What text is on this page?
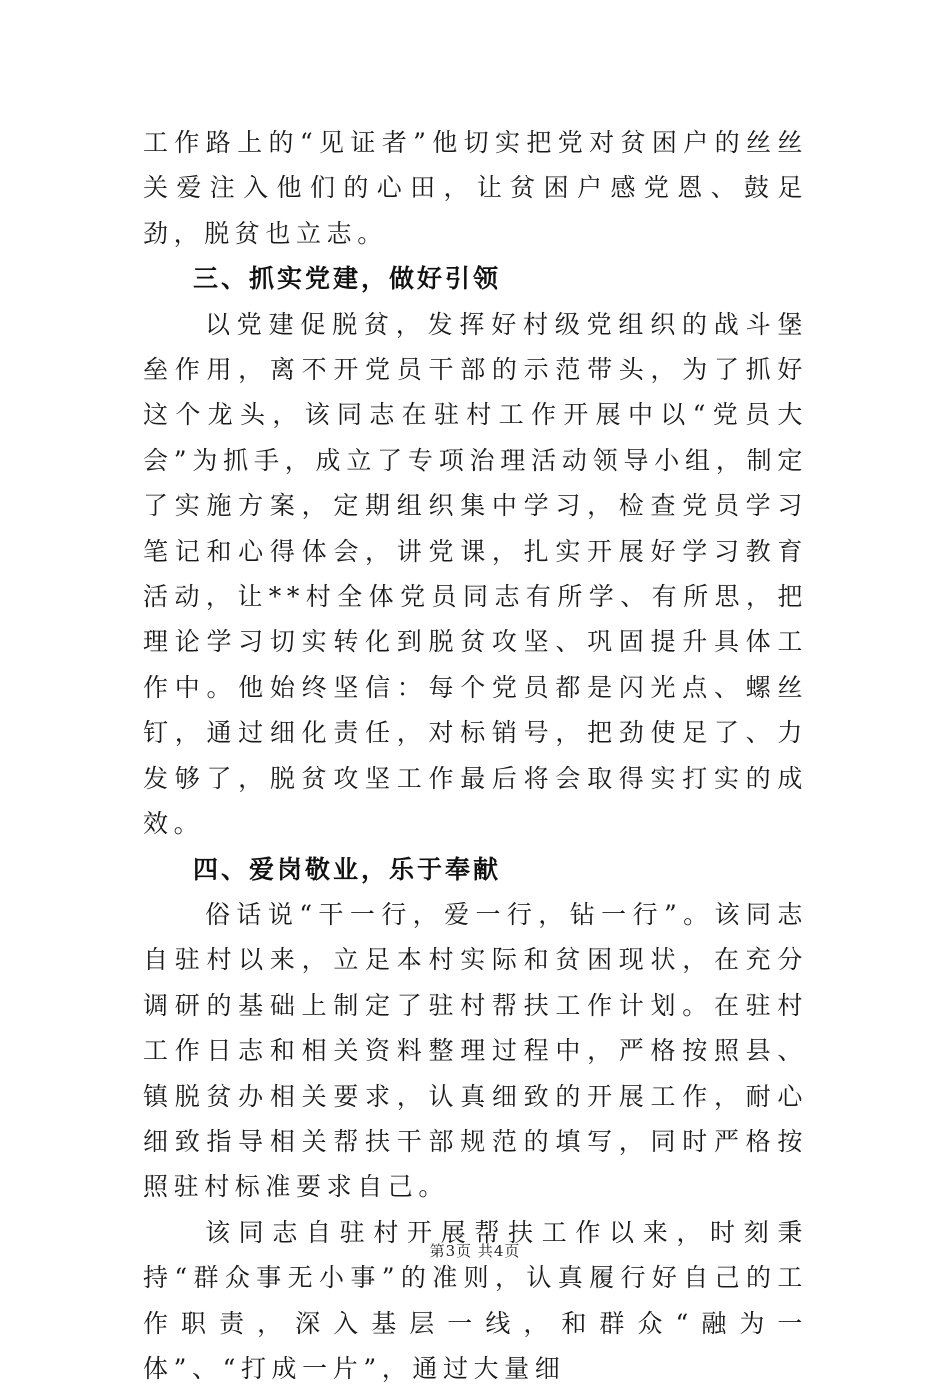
工作路上的“见证者”他切实把党对贫困户的丝丝关爱注入他们的心田，让贫困户感党恩、鼓足劲，脱贫也立志。

三、抓实党建，做好引领

以党建促脱贫，发挥好村级党组织的战斗堡垒作用，离不开党员干部的示范带头，为了抓好这个龙头，该同志在驻村工作开展中以“党员大会”为抓手，成立了专项治理活动领导小组，制定了实施方案，定期组织集中学习，检查党员学习笔记和心得体会，讲党课，扎实开展好学习教育活动，让**村全体党员同志有所学、有所思，把理论学习切实转化到脱贫攻坚、巩固提升具体工作中。他始终坚信：每个党员都是闪光点、螺丝钉，通过细化责任，对标销号，把劲使足了、力发够了，脱贫攻坚工作最后将会取得实打实的成效。

四、爱岗敬业，乐于奉献

俗话说“干一行，爱一行，钻一行”。该同志自驻村以来，立足本村实际和贫困现状，在充分调研的基础上制定了驻村帮扶工作计划。在驻村工作日志和相关资料整理过程中，严格按照县、镇脱贫办相关要求，认真细致的开展工作，耐心细致指导相关帮扶干部规范的填写，同时严格按照驻村标准要求自己。

该同志自驻村开展帮扶工作以来，时刻秉持“群众事无小事”的准则，认真履行好自己的工作职责，深入基层一线，和群众“融为一体”、“打成一片”，通过大量细

第3页 共4页
